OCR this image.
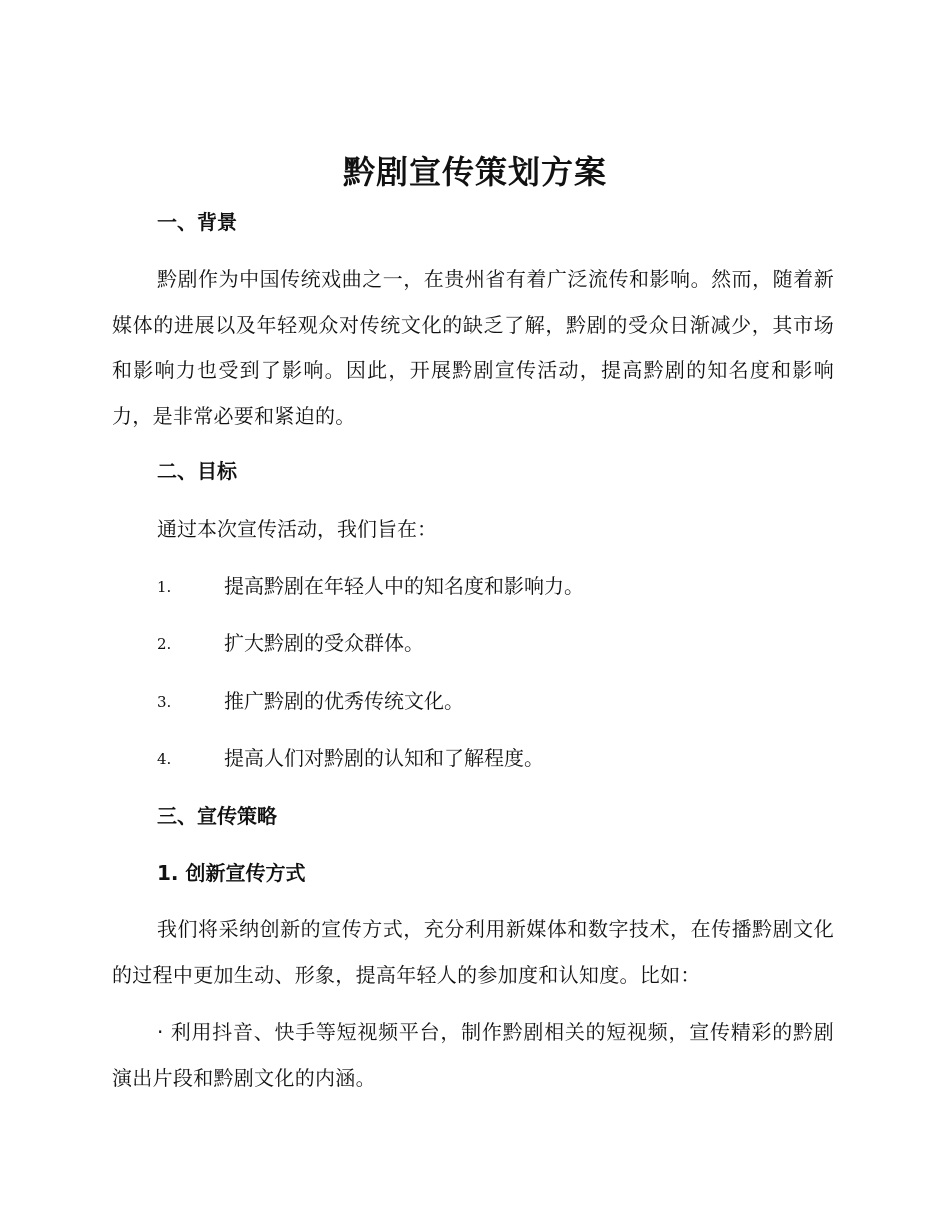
黔剧宣传策划方案
一、背景

黔剧作为中国传统戏曲之一，在贵州省有着广泛流传和影响。然而，随着新媒体的进展以及年轻观众对传统文化的缺乏了解，黔剧的受众日渐减少，其市场和影响力也受到了影响。因此，开展黔剧宣传活动，提高黔剧的知名度和影响力，是非常必要和紧迫的。

二、目标

通过本次宣传活动，我们旨在：

1.	提高黔剧在年轻人中的知名度和影响力。
2.	扩大黔剧的受众群体。
3.	推广黔剧的优秀传统文化。
4.	提高人们对黔剧的认知和了解程度。
三、宣传策略
1. 创新宣传方式

我们将采纳创新的宣传方式，充分利用新媒体和数字技术，在传播黔剧文化的过程中更加生动、形象，提高年轻人的参加度和认知度。比如：

· 利用抖音、快手等短视频平台，制作黔剧相关的短视频，宣传精彩的黔剧演出片段和黔剧文化的内涵。
